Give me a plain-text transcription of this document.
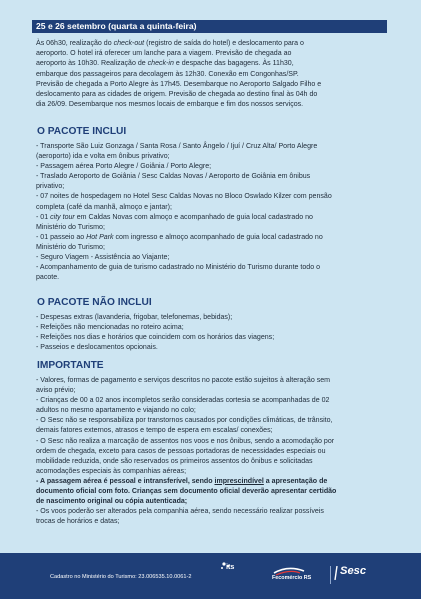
25 e 26 setembro (quarta a quinta-feira)
Às 06h30, realização do check-out (registro de saída do hotel) e deslocamento para o
aeroporto. O hotel irá oferecer um lanche para a viagem. Previsão de chegada ao
aeroporto às 10h30. Realização de check-in e despache das bagagens. Às 11h30,
embarque dos passageiros para decolagem às 12h30. Conexão em Congonhas/SP.
Previsão de chegada a Porto Alegre às 17h45. Desembarque no Aeroporto Salgado Filho e
deslocamento para as cidades de origem. Previsão de chegada ao destino final às 04h do
dia 26/09. Desembarque nos mesmos locais de embarque e fim dos nossos serviços.
O PACOTE INCLUI
- Transporte São Luiz Gonzaga / Santa Rosa / Santo Ângelo / Ijuí / Cruz Alta/ Porto Alegre
(aeroporto) ida e volta em ônibus privativo;
- Passagem aérea Porto Alegre / Goiânia / Porto Alegre;
- Traslado Aeroporto de Goiânia / Sesc Caldas Novas / Aeroporto de Goiânia em ônibus
privativo;
- 07 noites de hospedagem no Hotel Sesc Caldas Novas no Bloco Oswlado Kilzer com pensão
completa (café da manhã, almoço e jantar);
- 01 city tour em Caldas Novas com almoço e acompanhado de guia local cadastrado no
Ministério do Turismo;
- 01 passeio ao Hot Park com ingresso e almoço acompanhado de guia local cadastrado no
Ministério do Turismo;
- Seguro Viagem - Assistência ao Viajante;
- Acompanhamento de guia de turismo cadastrado no Ministério do Turismo durante todo o
pacote.
O PACOTE NÃO INCLUI
- Despesas extras (lavanderia, frigobar, telefonemas, bebidas);
- Refeições não mencionadas no roteiro acima;
- Refeições nos dias e horários que coincidem com os horários das viagens;
- Passeios e deslocamentos opcionais.
IMPORTANTE
- Valores, formas de pagamento e serviços descritos no pacote estão sujeitos à alteração sem
aviso prévio;
- Crianças de 00 a 02 anos incompletos serão consideradas cortesia se acompanhadas de 02
adultos no mesmo apartamento e viajando no colo;
- O Sesc não se responsabiliza por transtornos causados por condições climáticas, de trânsito,
demais fatores externos, atrasos e tempo de espera em escalas/ conexões;
- O Sesc não realiza a marcação de assentos nos voos e nos ônibus, sendo a acomodação por
ordem de chegada, exceto para casos de pessoas portadoras de necessidades especiais ou
mobilidade reduzida, onde são reservados os primeiros assentos do ônibus e solicitadas
acomodações especiais às companhias aéreas;
- A passagem aérea é pessoal e intransferível, sendo imprescindível a apresentação de
documento oficial com foto. Crianças sem documento oficial deverão apresentar certidão
de nascimento original ou cópia autenticada;
- Os voos poderão ser alterados pela companhia aérea, sendo necessário realizar possíveis
trocas de horários e datas;
Cadastro no Ministério do Turismo: 23.006535.10.0061-2
its
Fecomércio RS
Sesc
